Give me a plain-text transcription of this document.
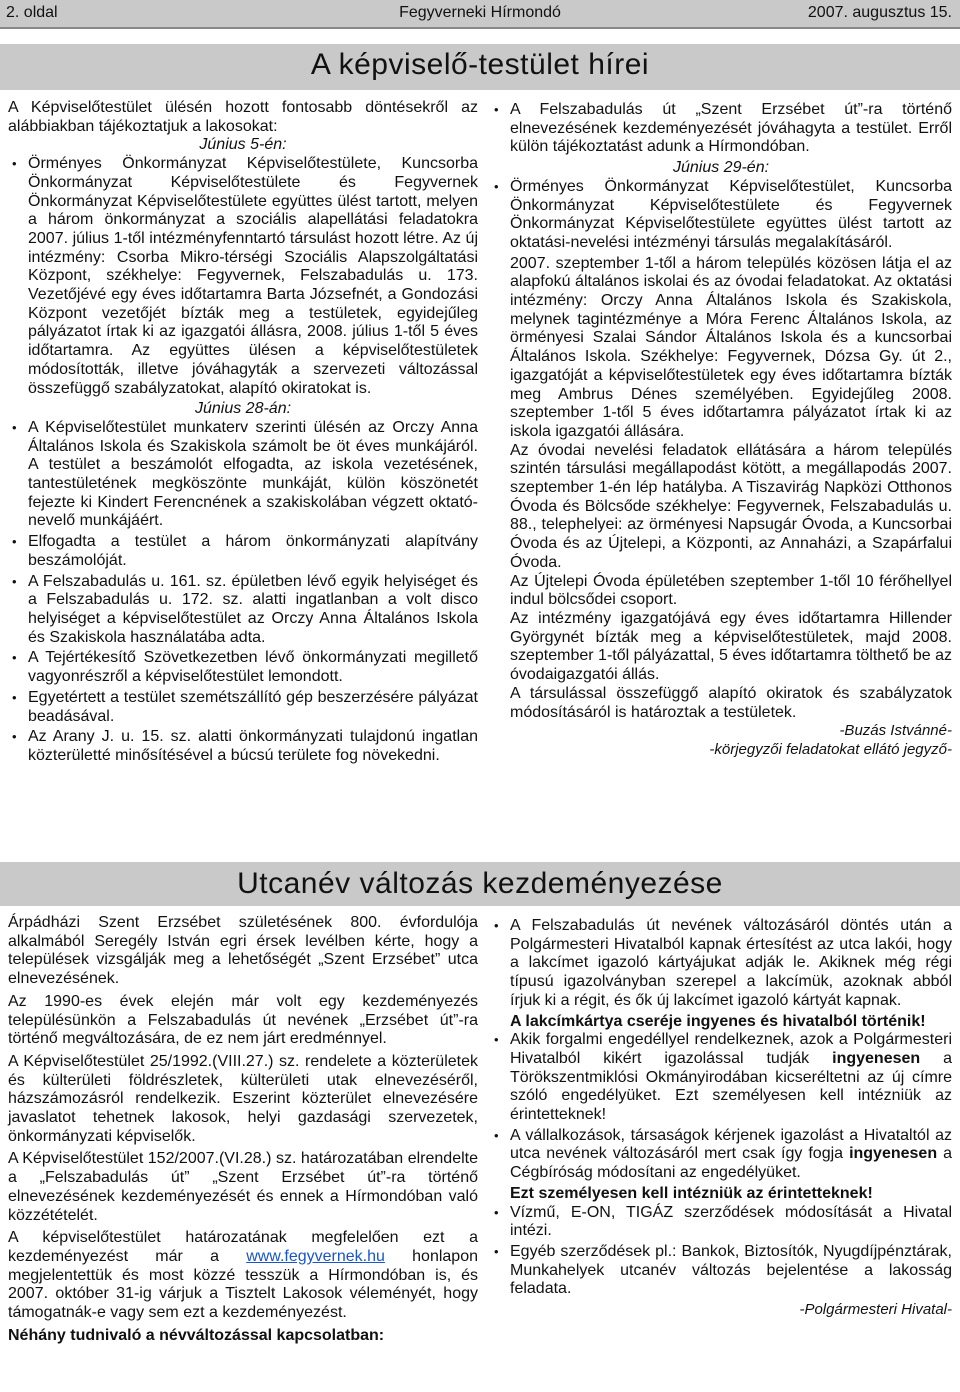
2. oldal	Fegyverneki Hírmondó	2007. augusztus 15.
A képviselő-testület hírei

A Képviselőtestület ülésén hozott fontosabb döntésekről az alábbiakban tájékoztatjuk a lakosokat:

Június 5-én:

• Örményes Önkormányzat Képviselőtestülete, Kuncsorba Önkormányzat Képviselőtestülete és Fegyvernek Önkormányzat Képviselőtestülete együttes ülést tartott, melyen a három önkormányzat a szociális alapellátási feladatokra 2007. július 1-től intézményfenntartó társulást hozott létre. Az új intézmény: Csorba Mikro-térségi Szociális Alapszolgáltatási Központ, székhelye: Fegyvernek, Felszabadulás u. 173. Vezetőjévé egy éves időtartamra Barta Józsefnét, a Gondozási Központ vezetőjét bízták meg a testületek, egyidejűleg pályázatot írtak ki az igazgatói állásra, 2008. július 1-től 5 éves időtartamra. Az együttes ülésen a képviselőtestületek módosították, illetve jóváhagyták a szervezeti változással összefüggő szabályzatokat, alapító okiratokat is.

Június 28-án:

• A Képviselőtestület munkaterv szerinti ülésén az Orczy Anna Általános Iskola és Szakiskola számolt be öt éves munkájáról. A testület a beszámolót elfogadta, az iskola vezetésének, tantestületének megköszönte munkáját, külön köszönetét fejezte ki Kindert Ferencnének a szakiskolában végzett oktató-nevelő munkájáért.
• Elfogadta a testület a három önkormányzati alapítvány beszámolóját.
• A Felszabadulás u. 161. sz. épületben lévő egyik helyiséget és a Felszabadulás u. 172. sz. alatti ingatlanban a volt disco helyiséget a képviselőtestület az Orczy Anna Általános Iskola és Szakiskola használatába adta.
• A Tejértékesítő Szövetkezetben lévő önkormányzati megillető vagyonrészről a képviselőtestület lemondott.
• Egyetértett a testület szemétszállító gép beszerzésére pályázat beadásával.
• Az Arany J. u. 15. sz. alatti önkormányzati tulajdonú ingatlan közterületté minősítésével a búcsú területe fog növekedni.
• A Felszabadulás út „Szent Erzsébet út”-ra történő elnevezésének kezdeményezését jóváhagyta a testület. Erről külön tájékoztatást adunk a Hírmondóban.

Június 29-én:

• Örményes Önkormányzat Képviselőtestület, Kuncsorba Önkormányzat Képviselőtestülete és Fegyvernek Önkormányzat Képviselőtestülete együttes ülést tartott az oktatási-nevelési intézményi társulás megalakításáról.

2007. szeptember 1-től a három település közösen látja el az alapfokú általános iskolai és az óvodai feladatokat. Az oktatási intézmény: Orczy Anna Általános Iskola és Szakiskola, melynek tagintézménye a Móra Ferenc Általános Iskola, az örményesi Szalai Sándor Általános Iskola és a kuncsorbai Általános Iskola. Székhelye: Fegyvernek, Dózsa Gy. út 2., igazgatóját a képviselőtestületek egy éves időtartamra bízták meg Ambrus Dénes személyében. Egyidejűleg 2008. szeptember 1-től 5 éves időtartamra pályázatot írtak ki az iskola igazgatói állására.

Az óvodai nevelési feladatok ellátására a három település szintén társulási megállapodást kötött, a megállapodás 2007. szeptember 1-én lép hatályba. A Tiszavirág Napközi Otthonos Óvoda és Bölcsőde székhelye: Fegyvernek, Felszabadulás u. 88., telephelyei: az örményesi Napsugár Óvoda, a Kuncsorbai Óvoda és az Újtelepi, a Központi, az Annaházi, a Szapárfalui Óvoda.

Az Újtelepi Óvoda épületében szeptember 1-től 10 férőhellyel indul bölcsődei csoport.

Az intézmény igazgatójává egy éves időtartamra Hillender Györgynét bízták meg a képviselőtestületek, majd 2008. szeptember 1-től pályázattal, 5 éves időtartamra tölthető be az óvodaigazgatói állás.

A társulással összefüggő alapító okiratok és szabályzatok módosításáról is határoztak a testületek.

-Buzás Istvánné-

-körjegyzői feladatokat ellátó jegyző-

Utcanév változás kezdeményezése

Árpádházi Szent Erzsébet születésének 800. évfordulója alkalmából Seregély István egri érsek levélben kérte, hogy a települések vizsgálják meg a lehetőségét „Szent Erzsébet” utca elnevezésének.

Az 1990-es évek elején már volt egy kezdeményezés településünkön a Felszabadulás út nevének „Erzsébet út”-ra történő megváltozására, de ez nem járt eredménnyel.

A Képviselőtestület 25/1992.(VIII.27.) sz. rendelete a közterületek és külterületi földrészletek, külterületi utak elnevezéséről, házszámozásról rendelkezik. Eszerint közterület elnevezésére javaslatot tehetnek lakosok, helyi gazdasági szervezetek, önkormányzati képviselők.

A Képviselőtestület 152/2007.(VI.28.) sz. határozatában elrendelte a „Felszabadulás út” „Szent Erzsébet út”-ra történő elnevezésének kezdeményezését és ennek a Hírmondóban való közzétételét.

A képviselőtestület határozatának megfelelően ezt a kezdeményezést már a www.fegyvernek.hu honlapon megjelentettük és most közzé tesszük a Hírmondóban is, és 2007. október 31-ig várjuk a Tisztelt Lakosok véleményét, hogy támogatnák-e vagy sem ezt a kezdeményezést.

Néhány tudnivaló a névváltozással kapcsolatban:

• A Felszabadulás út nevének változásáról döntés után a Polgármesteri Hivatalból kapnak értesítést az utca lakói, hogy a lakcímet igazoló kártyájukat adják le. Akiknek még régi típusú igazolványban szerepel a lakcímük, azoknak abból írjuk ki a régit, és ők új lakcímet igazoló kártyát kapnak.

A lakcímkártya cseréje ingyenes és hivatalból történik!

• Akik forgalmi engedéllyel rendelkeznek, azok a Polgármesteri Hivatalból kikért igazolással tudják ingyenesen a Törökszentmiklósi Okmányirodában kicseréltetni az új címre szóló engedélyüket. Ezt személyesen kell intézniük az érintetteknek!
• A vállalkozások, társaságok kérjenek igazolást a Hivataltól az utca nevének változásáról mert csak így fogja ingyenesen a Cégbíróság módosítani az engedélyüket.

Ezt személyesen kell intézniük az érintetteknek!

• Vízmű, E-ON, TIGÁZ szerződések módosítását a Hivatal intézi.
• Egyéb szerződések pl.: Bankok, Biztosítók, Nyugdíjpénztárak, Munkahelyek utcanév változás bejelentése a lakosság feladata.

-Polgármesteri Hivatal-
